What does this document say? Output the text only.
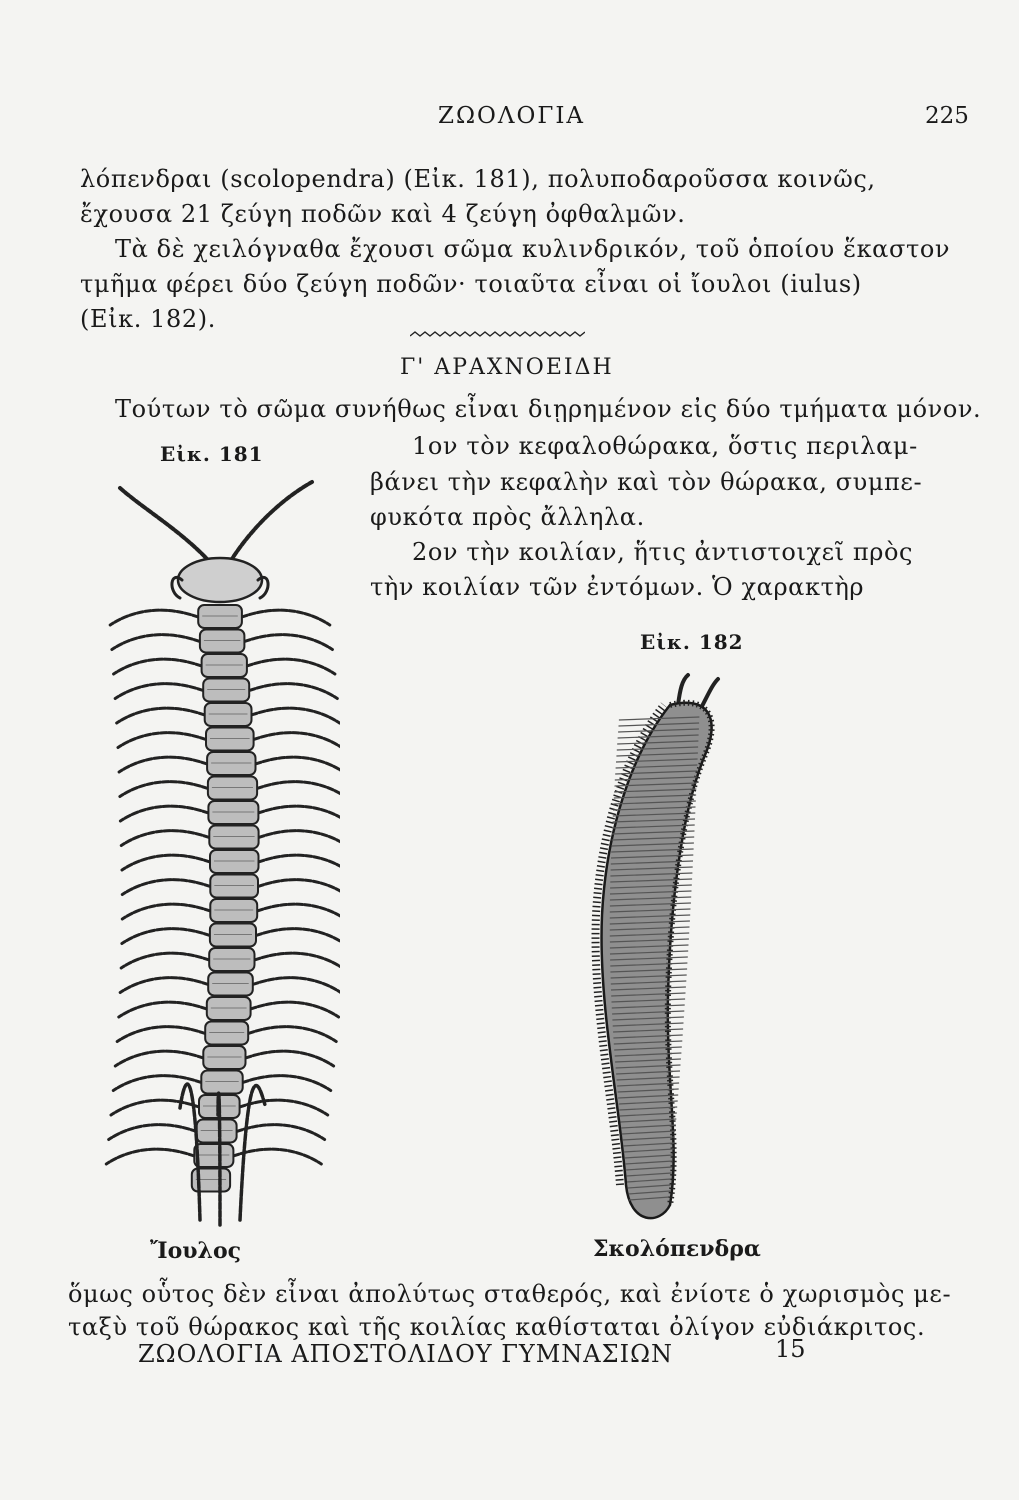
ΖΩΟΛΟΓΙΑ	225
λόπενδραι (scolopendra) (Εἰκ. 181), πολυποδαροῦσσα κοινῶς,
ἔχουσα 21 ζεύγη ποδῶν καὶ 4 ζεύγη ὀφθαλμῶν.
Τὰ δὲ χειλόγναθα ἔχουσι σῶμα κυλινδρικόν, τοῦ ὁποίου ἕκαστον
τμῆμα φέρει δύο ζεύγη ποδῶν· τοιαῦτα εἶναι οἱ ἴουλοι (iulus)
(Εἰκ. 182).
Γ' ΑΡΑΧΝΟΕΙΔΗ
Τούτων τὸ σῶμα συνήθως εἶναι διῃρημένον εἰς δύο τμήματα μόνον.
1ον τὸν κεφαλοθώρακα, ὅστις περιλαμ-
βάνει τὴν κεφαλὴν καὶ τὸν θώρακα, συμπε-
φυκότα πρὸς ἄλληλα.
2ον τὴν κοιλίαν, ἥτις ἀντιστοιχεῖ πρὸς
τὴν κοιλίαν τῶν ἐντόμων. Ὁ χαρακτὴρ
Εἰκ. 181
Εἰκ. 182
Ἴουλος	Σκολόπενδρα
ὅμως οὗτος δὲν εἶναι ἀπολύτως σταθερός, καὶ ἐνίοτε ὁ χωρισμὸς με-
ταξὺ τοῦ θώρακος καὶ τῆς κοιλίας καθίσταται ὀλίγον εὐδιάκριτος.
ΖΩΟΛΟΓΙΑ ΑΠΟΣΤΟΛΙΔΟΥ ΓΥΜΝΑΣΙΩΝ	15
